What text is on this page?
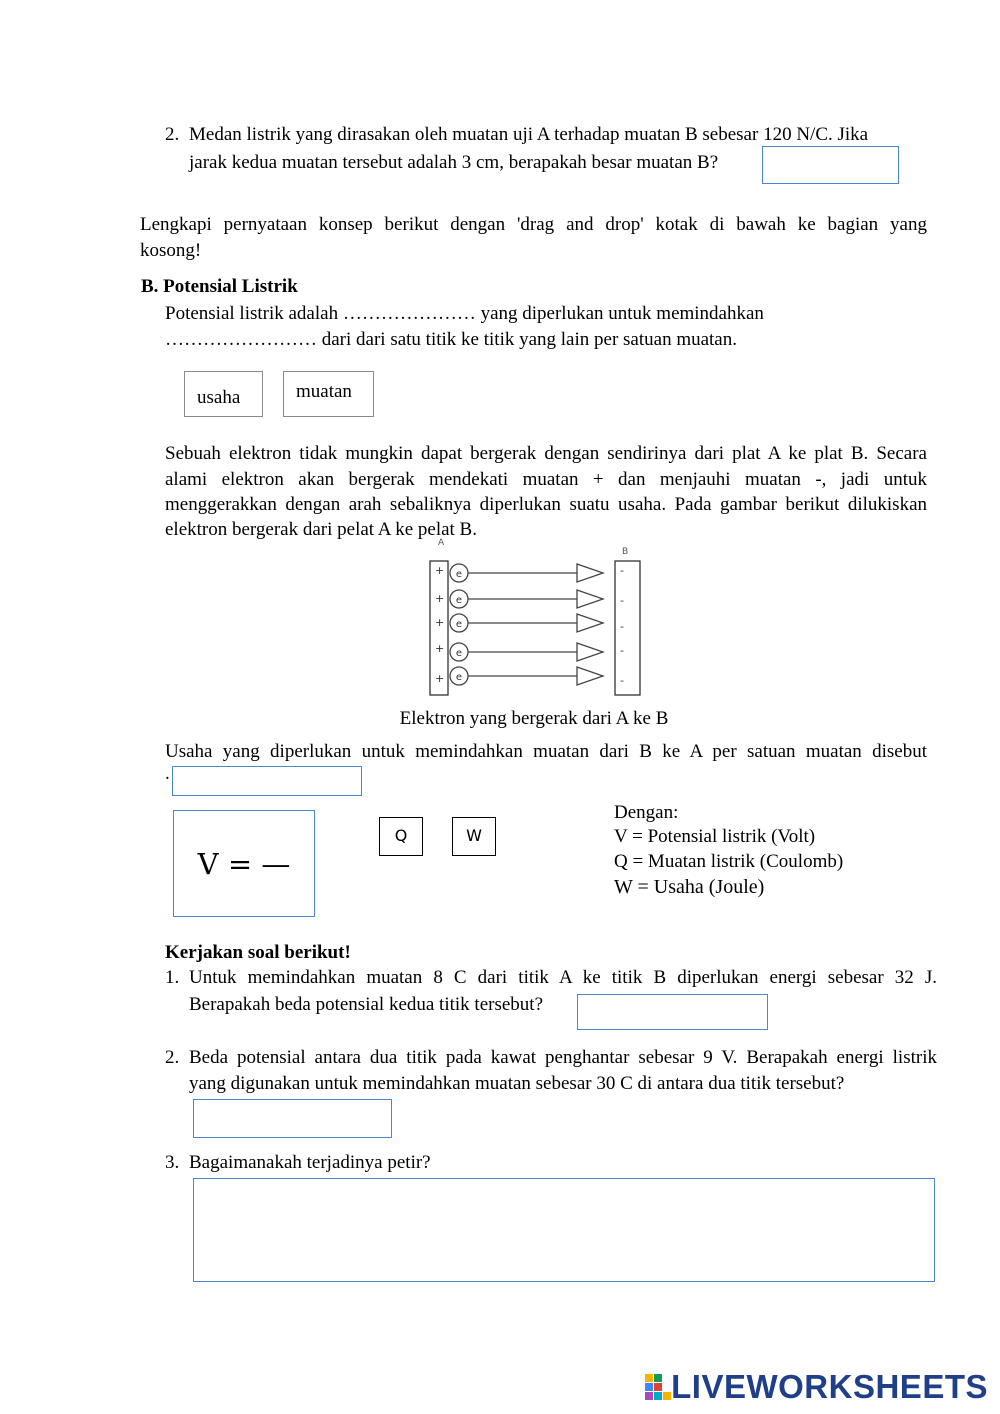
2. Medan listrik yang dirasakan oleh muatan uji A terhadap muatan B sebesar 120 N/C. Jika
jarak kedua muatan tersebut adalah 3 cm, berapakah besar muatan B?
Lengkapi pernyataan konsep berikut dengan 'drag and drop' kotak di bawah ke bagian yang
kosong!
B. Potensial Listrik
Potensial listrik adalah ………………… yang diperlukan untuk memindahkan
…………………… dari dari satu titik ke titik yang lain per satuan muatan.
usaha	muatan
Sebuah elektron tidak mungkin dapat bergerak dengan sendirinya dari plat A ke plat B. Secara
alami elektron akan bergerak mendekati muatan + dan menjauhi muatan -, jadi untuk
menggerakkan dengan arah sebaliknya diperlukan suatu usaha. Pada gambar berikut dilukiskan
elektron bergerak dari pelat A ke pelat B.
A
B
+
+
+
+
+
-
-
-
-
-
e
e
e
e
e
Elektron yang bergerak dari A ke B
Usaha yang diperlukan untuk memindahkan muatan dari B ke A per satuan muatan disebut
.
V = —
Q	W
Dengan:
V = Potensial listrik (Volt)
Q = Muatan listrik (Coulomb)
W = Usaha (Joule)
Kerjakan soal berikut!
1. Untuk memindahkan muatan 8 C dari titik A ke titik B diperlukan energi sebesar 32 J.
Berapakah beda potensial kedua titik tersebut?
2. Beda potensial antara dua titik pada kawat penghantar sebesar 9 V. Berapakah energi listrik
yang digunakan untuk memindahkan muatan sebesar 30 C di antara dua titik tersebut?
3. Bagaimanakah terjadinya petir?
LIVEWORKSHEETS
